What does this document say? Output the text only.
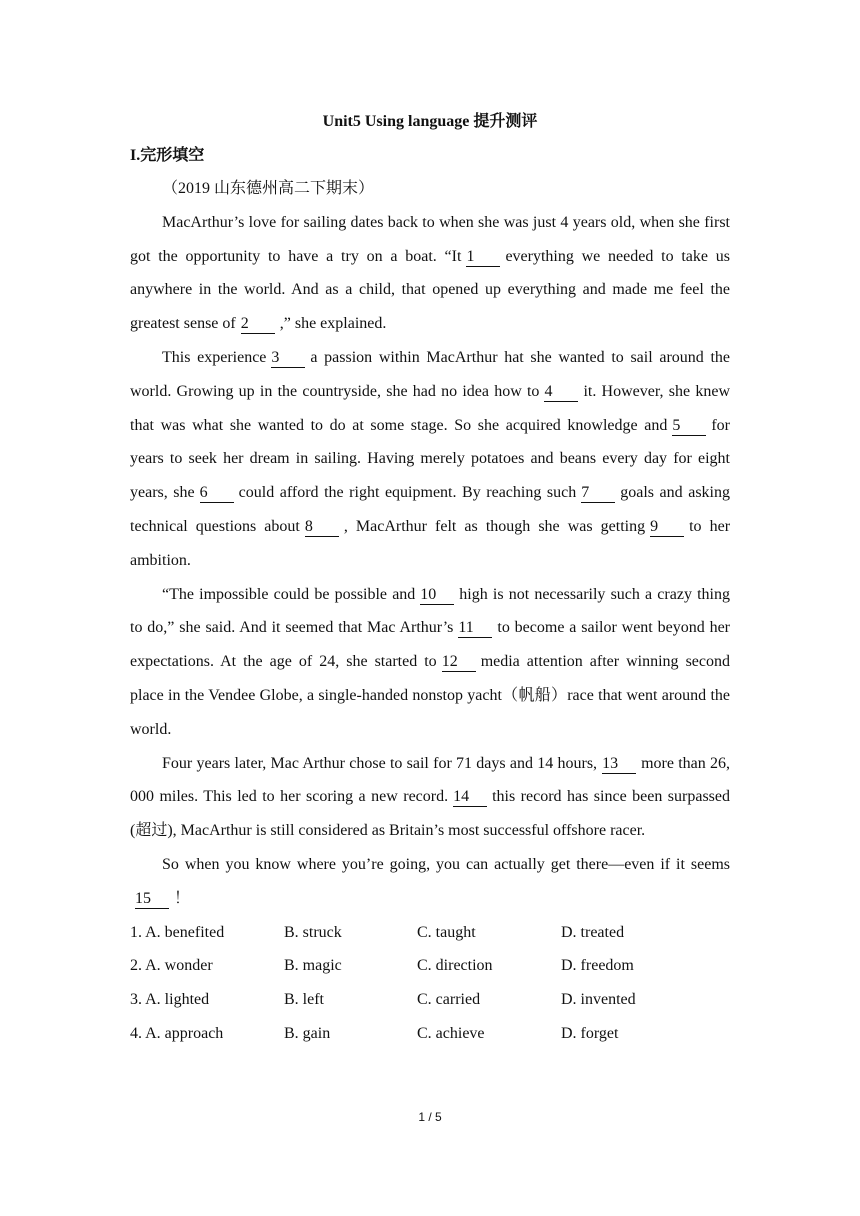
Unit5 Using language 提升测评
I.完形填空

（2019 山东德州高二下期末）

MacArthur’s love for sailing dates back to when she was just 4 years old, when she first got the opportunity to have a try on a boat. “It 1 everything we needed to take us anywhere in the world. And as a child, that opened up everything and made me feel the greatest sense of 2 ,” she explained.

This experience 3 a passion within MacArthur hat she wanted to sail around the world. Growing up in the countryside, she had no idea how to 4 it. However, she knew that was what she wanted to do at some stage. So she acquired knowledge and 5 for years to seek her dream in sailing. Having merely potatoes and beans every day for eight years, she 6 could afford the right equipment. By reaching such 7 goals and asking technical questions about 8 , MacArthur felt as though she was getting 9 to her ambition.

“The impossible could be possible and 10 high is not necessarily such a crazy thing to do,” she said. And it seemed that Mac Arthur’s 11 to become a sailor went beyond her expectations. At the age of 24, she started to 12 media attention after winning second place in the Vendee Globe, a single-handed nonstop yacht（帆船）race that went around the world.

Four years later, Mac Arthur chose to sail for 71 days and 14 hours, 13 more than 26, 000 miles. This led to her scoring a new record. 14 this record has since been surpassed (超过), MacArthur is still considered as Britain’s most successful offshore racer.

So when you know where you’re going, you can actually get there—even if it seems15 ！

1. A. benefited	B. struck	C. taught	D. treated
2. A. wonder	B. magic	C. direction	D. freedom
3. A. lighted	B. left	C. carried	D. invented
4. A. approach	B. gain	C. achieve	D. forget
1 / 5
